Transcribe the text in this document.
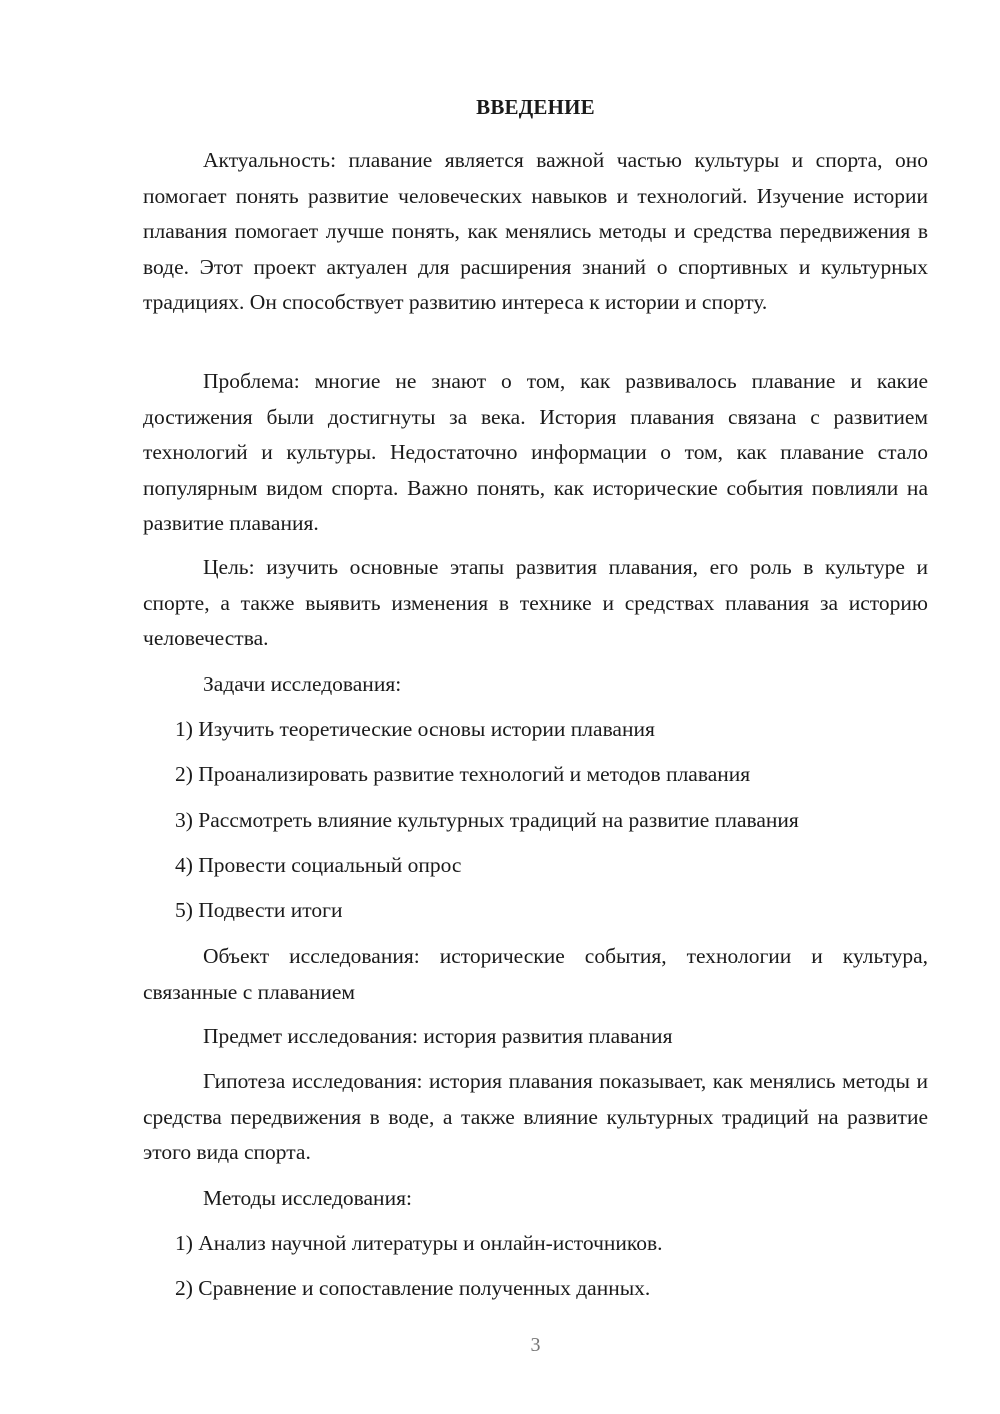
ВВЕДЕНИЕ

Актуальность: плавание является важной частью культуры и спорта, оно помогает понять развитие человеческих навыков и технологий. Изучение истории плавания помогает лучше понять, как менялись методы и средства передвижения в воде. Этот проект актуален для расширения знаний о спортивных и культурных традициях. Он способствует развитию интереса к истории и спорту.

Проблема: многие не знают о том, как развивалось плавание и какие достижения были достигнуты за века. История плавания связана с развитием технологий и культуры. Недостаточно информации о том, как плавание стало популярным видом спорта. Важно понять, как исторические события повлияли на развитие плавания.

Цель: изучить основные этапы развития плавания, его роль в культуре и спорте, а также выявить изменения в технике и средствах плавания за историю человечества.

Задачи исследования:

1) Изучить теоретические основы истории плавания

2) Проанализировать развитие технологий и методов плавания

3) Рассмотреть влияние культурных традиций на развитие плавания

4) Провести социальный опрос

5) Подвести итоги

Объект исследования: исторические события, технологии и культура, связанные с плаванием

Предмет исследования: история развития плавания

Гипотеза исследования: история плавания показывает, как менялись методы и средства передвижения в воде, а также влияние культурных традиций на развитие этого вида спорта.

Методы исследования:

1) Анализ научной литературы и онлайн-источников.

2) Сравнение и сопоставление полученных данных.

3
